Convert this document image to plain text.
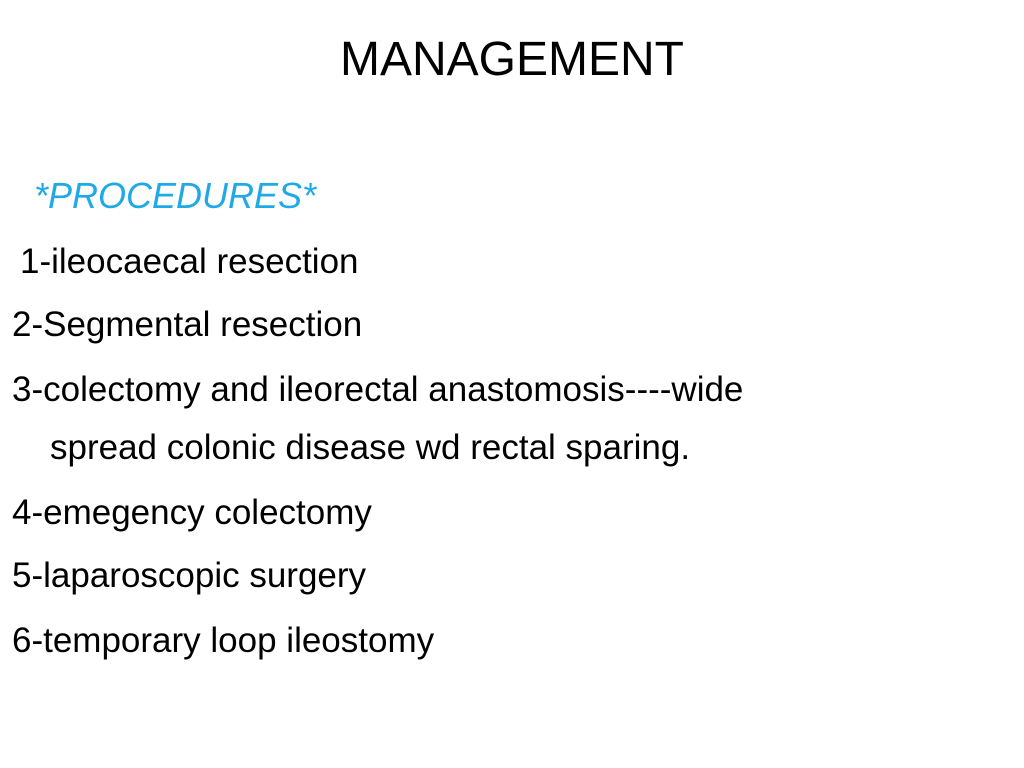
MANAGEMENT
*PROCEDURES*
1-ileocaecal resection
2-Segmental resection
3-colectomy and ileorectal anastomosis----wide
spread colonic disease wd rectal sparing.
4-emegency colectomy
5-laparoscopic surgery
6-temporary loop ileostomy
